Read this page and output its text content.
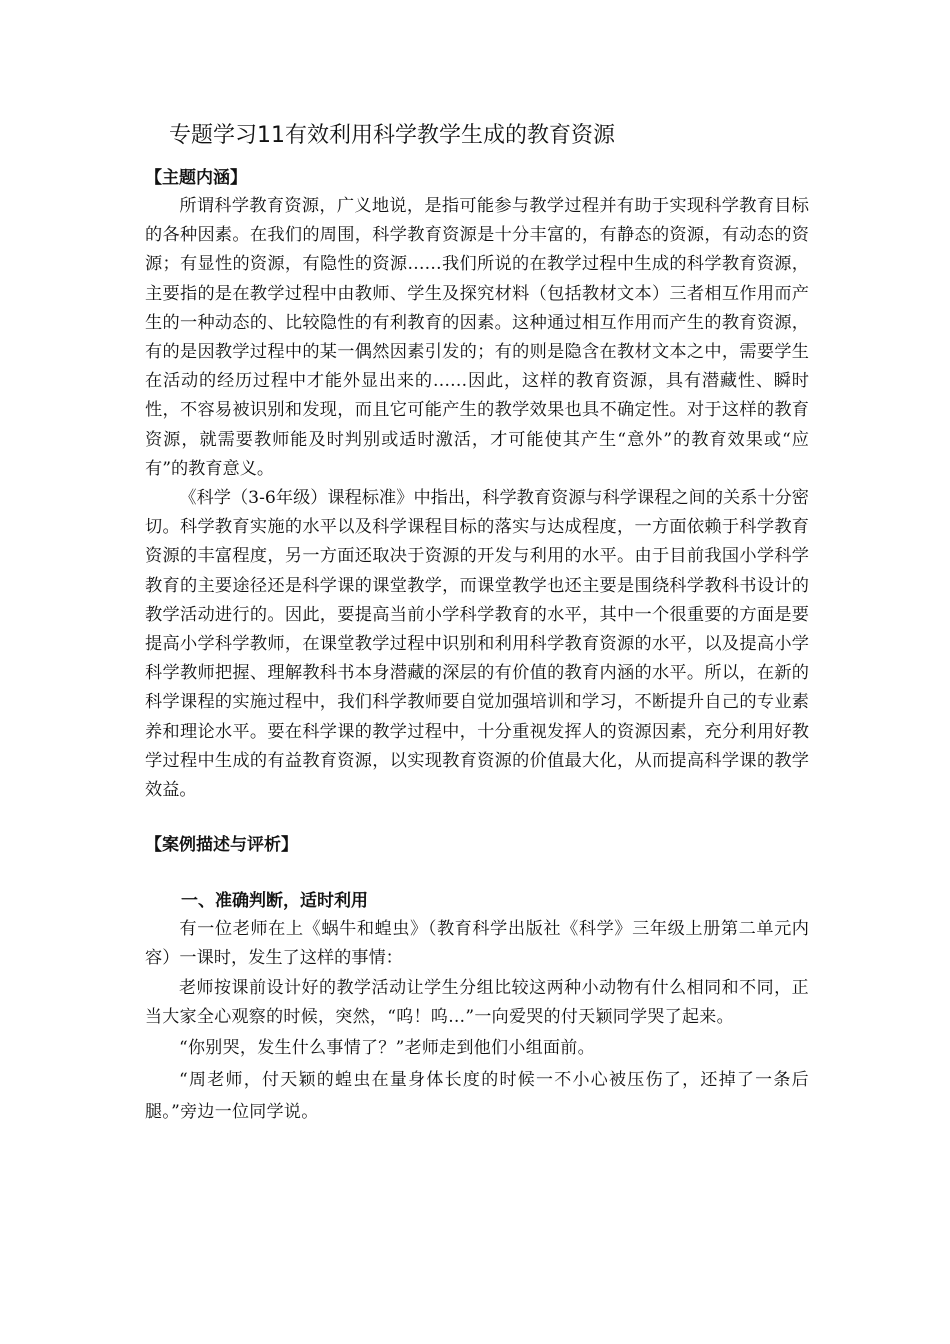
专题学习11有效利用科学教学生成的教育资源
【主题内涵】

所谓科学教育资源，广义地说，是指可能参与教学过程并有助于实现科学教育目标的各种因素。在我们的周围，科学教育资源是十分丰富的，有静态的资源，有动态的资源；有显性的资源，有隐性的资源……我们所说的在教学过程中生成的科学教育资源，主要指的是在教学过程中由教师、学生及探究材料（包括教材文本）三者相互作用而产生的一种动态的、比较隐性的有利教育的因素。这种通过相互作用而产生的教育资源，有的是因教学过程中的某一偶然因素引发的；有的则是隐含在教材文本之中，需要学生在活动的经历过程中才能外显出来的……因此，这样的教育资源，具有潜藏性、瞬时性，不容易被识别和发现，而且它可能产生的教学效果也具不确定性。对于这样的教育资源，就需要教师能及时判别或适时激活，才可能使其产生“意外”的教育效果或“应有”的教育意义。

《科学（3-6年级）课程标准》中指出，科学教育资源与科学课程之间的关系十分密切。科学教育实施的水平以及科学课程目标的落实与达成程度，一方面依赖于科学教育资源的丰富程度，另一方面还取决于资源的开发与利用的水平。由于目前我国小学科学教育的主要途径还是科学课的课堂教学，而课堂教学也还主要是围绕科学教科书设计的教学活动进行的。因此，要提高当前小学科学教育的水平，其中一个很重要的方面是要提高小学科学教师，在课堂教学过程中识别和利用科学教育资源的水平，以及提高小学科学教师把握、理解教科书本身潜藏的深层的有价值的教育内涵的水平。所以，在新的科学课程的实施过程中，我们科学教师要自觉加强培训和学习，不断提升自己的专业素养和理论水平。要在科学课的教学过程中，十分重视发挥人的资源因素，充分利用好教学过程中生成的有益教育资源，以实现教育资源的价值最大化，从而提高科学课的教学效益。

【案例描述与评析】
一、准确判断，适时利用

有一位老师在上《蜗牛和蝗虫》（教育科学出版社《科学》三年级上册第二单元内容）一课时，发生了这样的事情：

老师按课前设计好的教学活动让学生分组比较这两种小动物有什么相同和不同，正当大家全心观察的时候，突然，“呜！呜…”一向爱哭的付天颖同学哭了起来。

“你别哭，发生什么事情了？”老师走到他们小组面前。

“周老师，付天颖的蝗虫在量身体长度的时候一不小心被压伤了，还掉了一条后腿。”旁边一位同学说。
